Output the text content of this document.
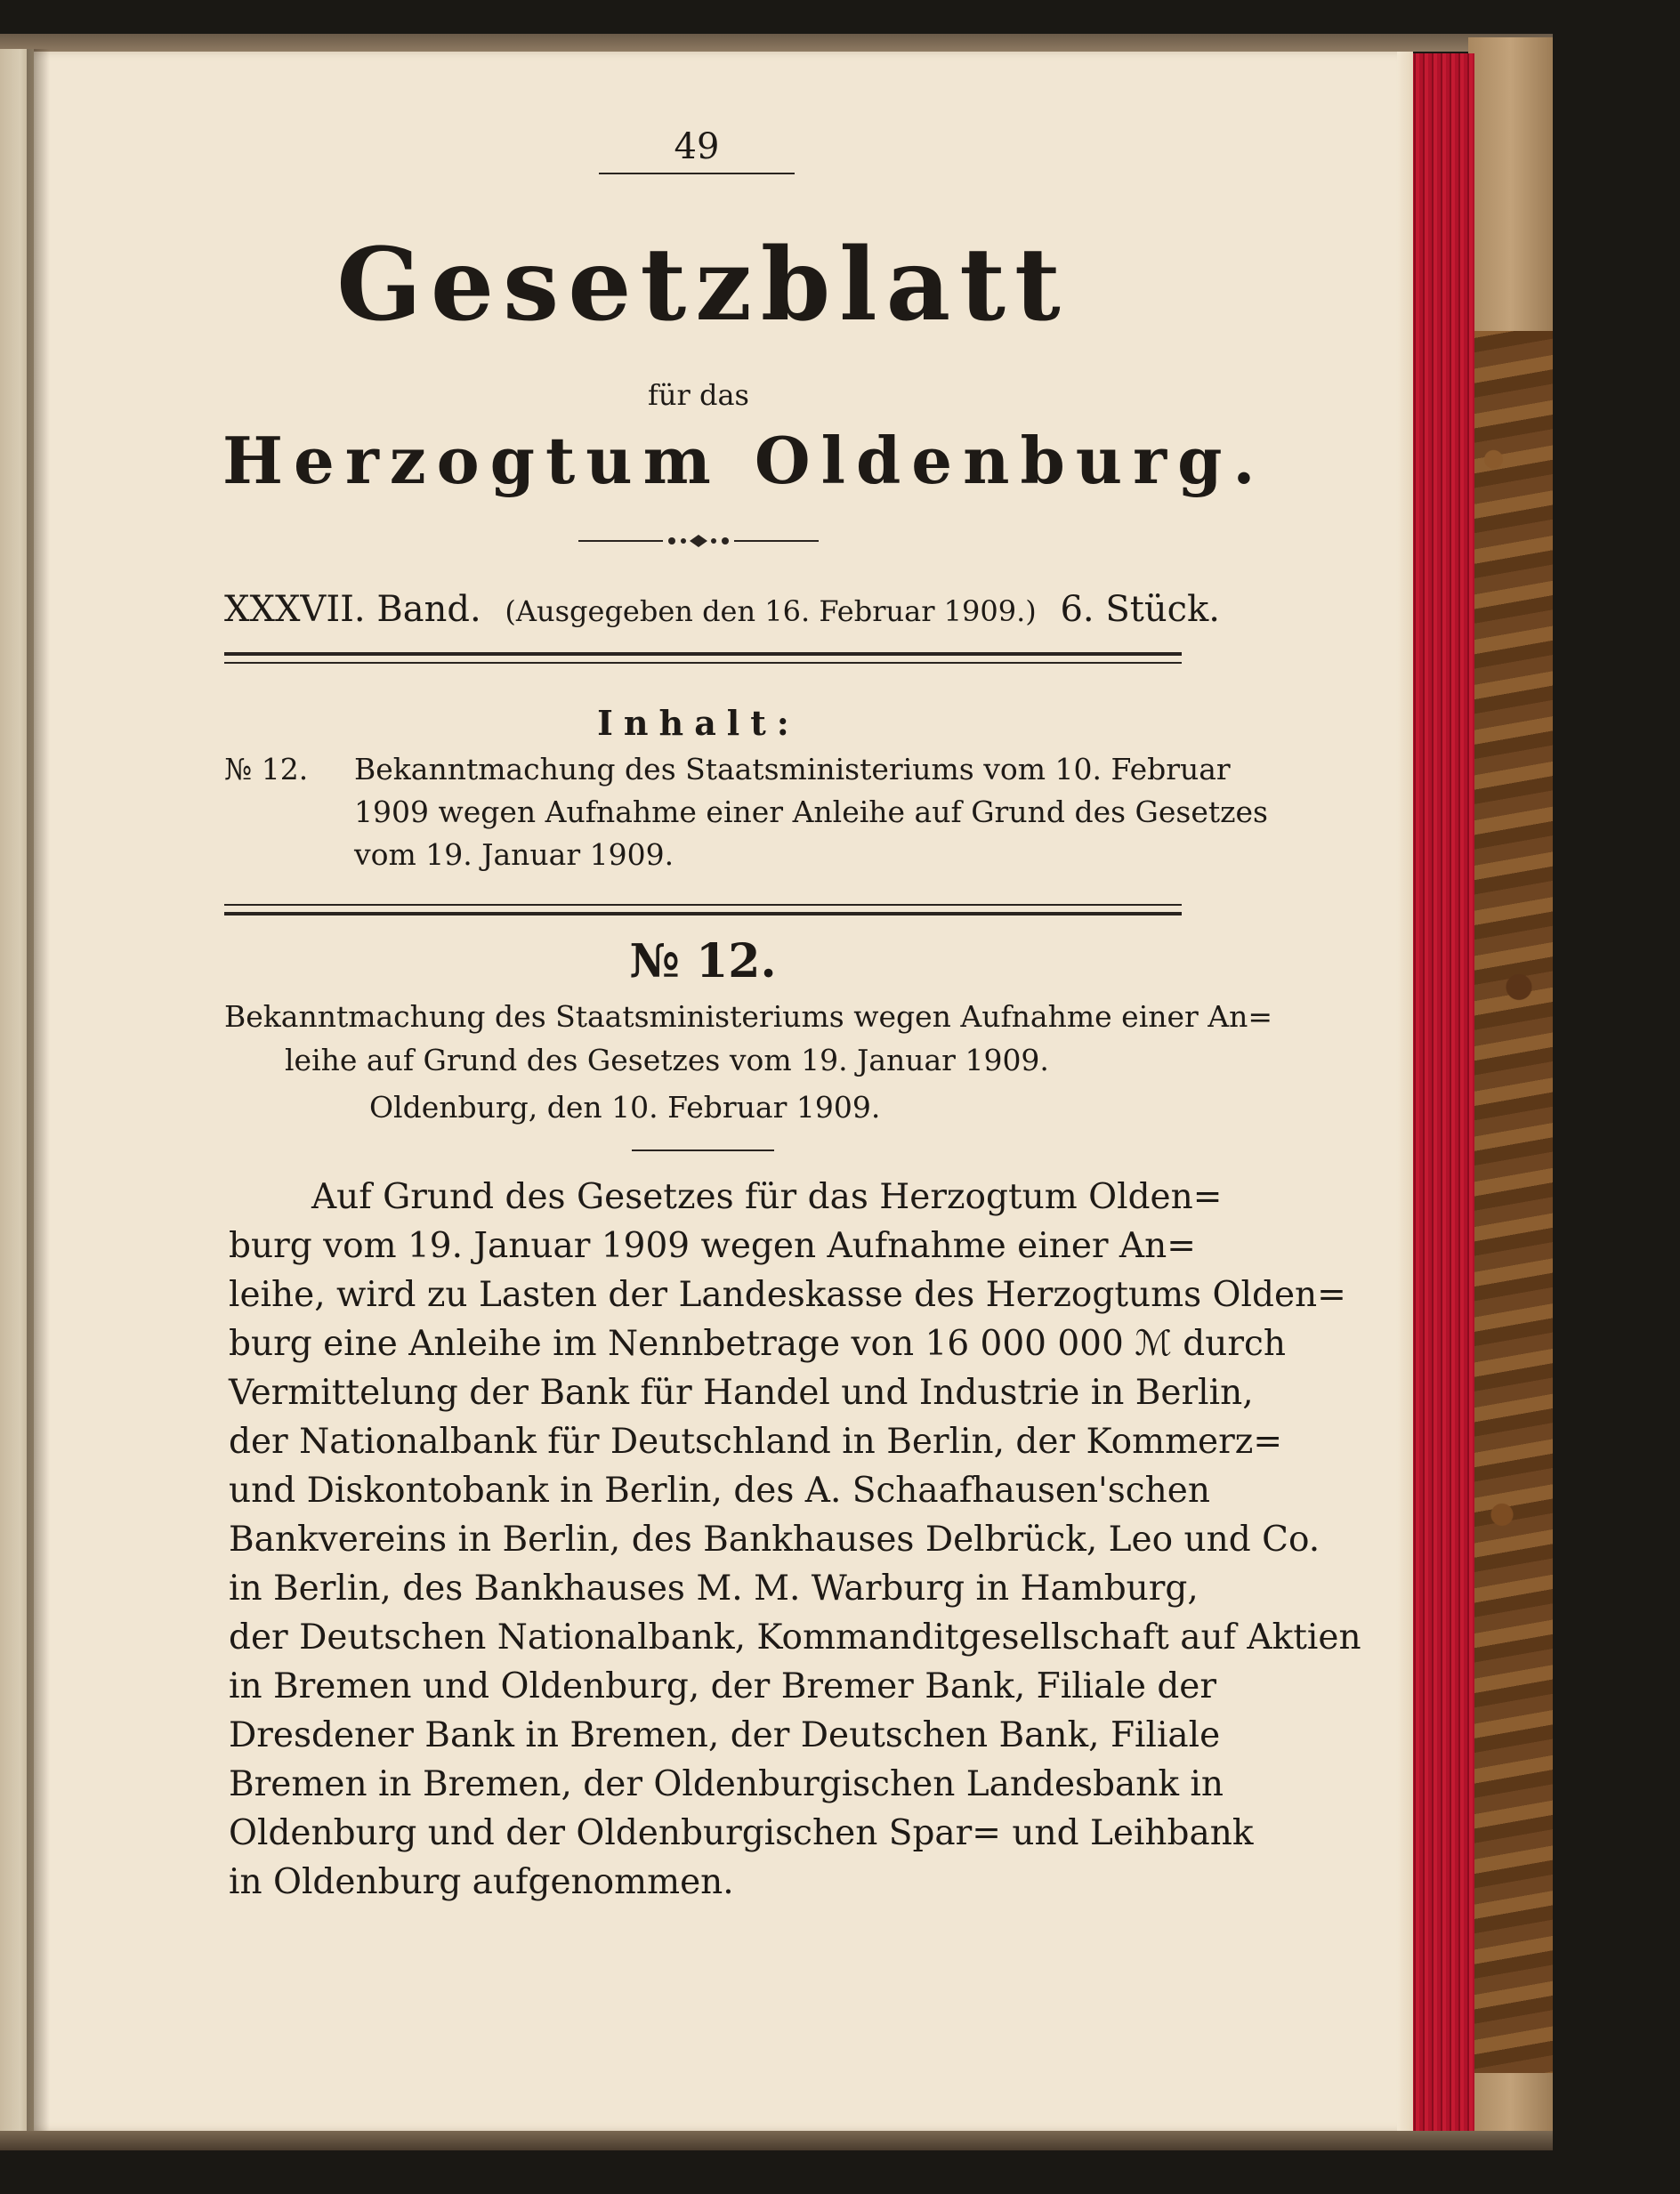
49
Gesetzblatt
für das
Herzogtum Oldenburg.
XXXVII. Band. (Ausgegeben den 16. Februar 1909.) 6. Stück.
Inhalt:
№ 12. Bekanntmachung des Staatsministeriums vom 10. Februar
1909 wegen Aufnahme einer Anleihe auf Grund des Gesetzes
vom 19. Januar 1909.
№ 12.
Bekanntmachung des Staatsministeriums wegen Aufnahme einer An=
leihe auf Grund des Gesetzes vom 19. Januar 1909.
Oldenburg, den 10. Februar 1909.
Auf Grund des Gesetzes für das Herzogtum Olden=
burg vom 19. Januar 1909 wegen Aufnahme einer An=
leihe, wird zu Lasten der Landeskasse des Herzogtums Olden=
burg eine Anleihe im Nennbetrage von 16 000 000 ℳ durch
Vermittelung der Bank für Handel und Industrie in Berlin,
der Nationalbank für Deutschland in Berlin, der Kommerz=
und Diskontobank in Berlin, des A. Schaafhausen'schen
Bankvereins in Berlin, des Bankhauses Delbrück, Leo und Co.
in Berlin, des Bankhauses M. M. Warburg in Hamburg,
der Deutschen Nationalbank, Kommanditgesellschaft auf Aktien
in Bremen und Oldenburg, der Bremer Bank, Filiale der
Dresdener Bank in Bremen, der Deutschen Bank, Filiale
Bremen in Bremen, der Oldenburgischen Landesbank in
Oldenburg und der Oldenburgischen Spar= und Leihbank
in Oldenburg aufgenommen.
